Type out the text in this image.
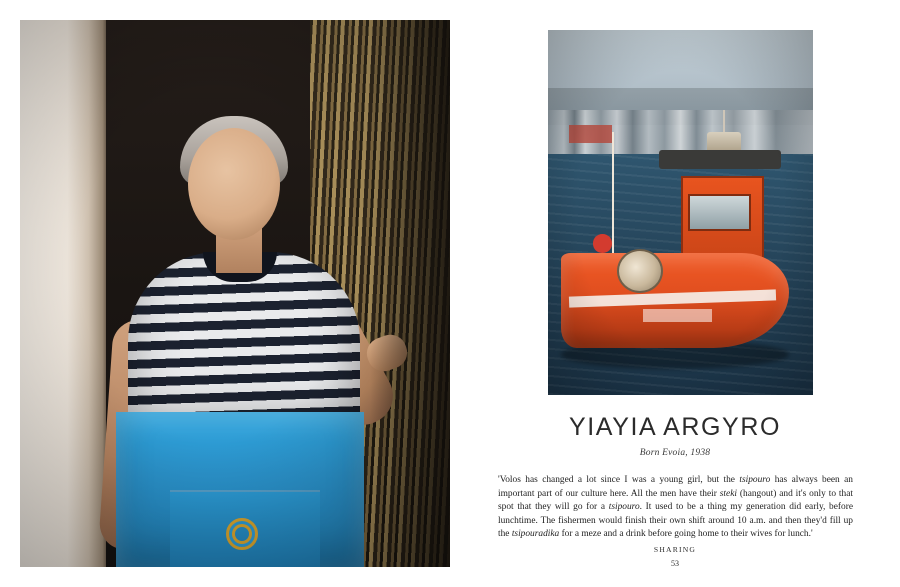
YIAYIA ARGYRO
Born Evoia, 1938
'Volos has changed a lot since I was a young girl, but the tsipouro has always been an important part of our culture here. All the men have their steki (hangout) and it's only to that spot that they will go for a tsipouro. It used to be a thing my generation did early, before lunchtime. The fishermen would finish their own shift around 10 a.m. and then they'd fill up the tsipouradika for a meze and a drink before going home to their wives for lunch.'
SHARING
53
